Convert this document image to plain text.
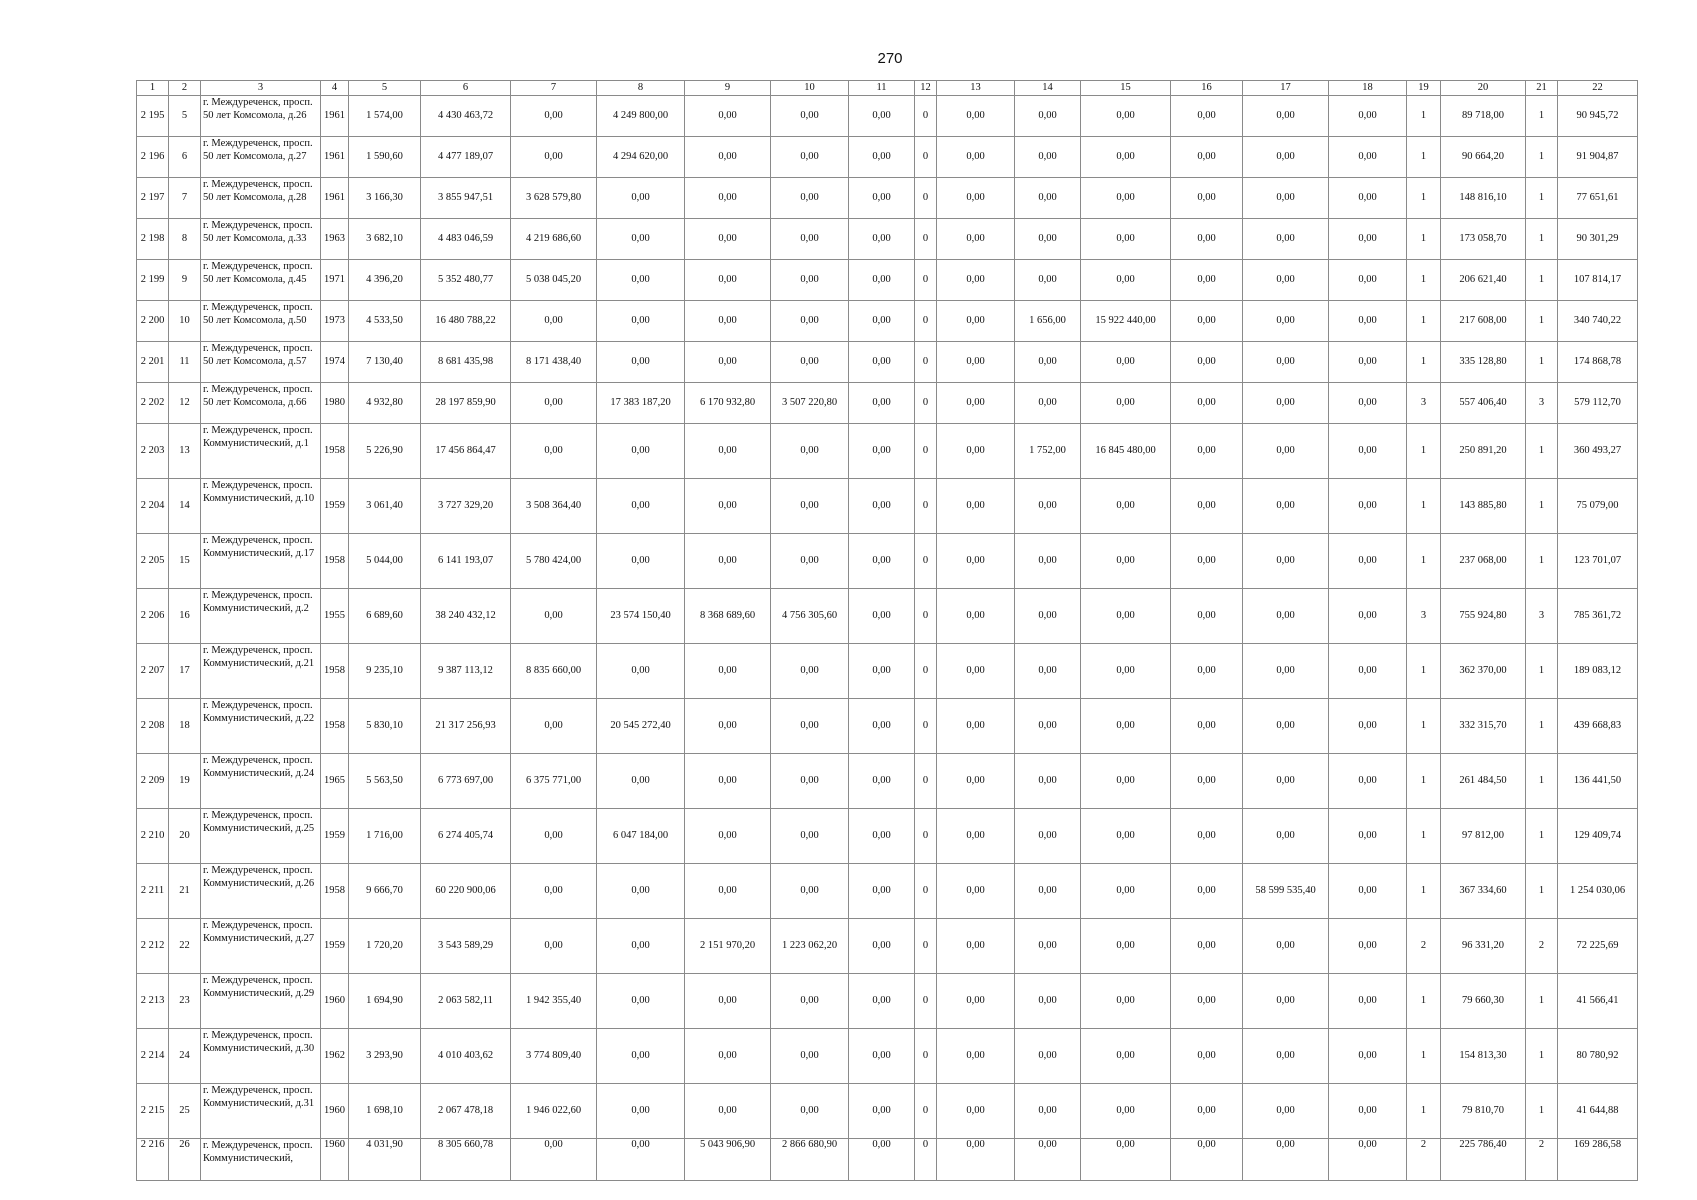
270
1	2	3	4	5	6	7	8	9	10	11	12	13	14	15	16	17	18	19	20	21	22
2 195	5	г. Междуреченск, просп. 50 лет Комсомола, д.26	1961	1 574,00	4 430 463,72	0,00	4 249 800,00	0,00	0,00	0,00	0	0,00	0,00	0,00	0,00	0,00	0,00	1	89 718,00	1	90 945,72
2 196	6	г. Междуреченск, просп. 50 лет Комсомола, д.27	1961	1 590,60	4 477 189,07	0,00	4 294 620,00	0,00	0,00	0,00	0	0,00	0,00	0,00	0,00	0,00	0,00	1	90 664,20	1	91 904,87
2 197	7	г. Междуреченск, просп. 50 лет Комсомола, д.28	1961	3 166,30	3 855 947,51	3 628 579,80	0,00	0,00	0,00	0,00	0	0,00	0,00	0,00	0,00	0,00	0,00	1	148 816,10	1	77 651,61
2 198	8	г. Междуреченск, просп. 50 лет Комсомола, д.33	1963	3 682,10	4 483 046,59	4 219 686,60	0,00	0,00	0,00	0,00	0	0,00	0,00	0,00	0,00	0,00	0,00	1	173 058,70	1	90 301,29
2 199	9	г. Междуреченск, просп. 50 лет Комсомола, д.45	1971	4 396,20	5 352 480,77	5 038 045,20	0,00	0,00	0,00	0,00	0	0,00	0,00	0,00	0,00	0,00	0,00	1	206 621,40	1	107 814,17
2 200	10	г. Междуреченск, просп. 50 лет Комсомола, д.50	1973	4 533,50	16 480 788,22	0,00	0,00	0,00	0,00	0,00	0	0,00	1 656,00	15 922 440,00	0,00	0,00	0,00	1	217 608,00	1	340 740,22
2 201	11	г. Междуреченск, просп. 50 лет Комсомола, д.57	1974	7 130,40	8 681 435,98	8 171 438,40	0,00	0,00	0,00	0,00	0	0,00	0,00	0,00	0,00	0,00	0,00	1	335 128,80	1	174 868,78
2 202	12	г. Междуреченск, просп. 50 лет Комсомола, д.66	1980	4 932,80	28 197 859,90	0,00	17 383 187,20	6 170 932,80	3 507 220,80	0,00	0	0,00	0,00	0,00	0,00	0,00	0,00	3	557 406,40	3	579 112,70
2 203	13	г. Междуреченск, просп. Коммунистический, д.1	1958	5 226,90	17 456 864,47	0,00	0,00	0,00	0,00	0,00	0	0,00	1 752,00	16 845 480,00	0,00	0,00	0,00	1	250 891,20	1	360 493,27
2 204	14	г. Междуреченск, просп. Коммунистический, д.10	1959	3 061,40	3 727 329,20	3 508 364,40	0,00	0,00	0,00	0,00	0	0,00	0,00	0,00	0,00	0,00	0,00	1	143 885,80	1	75 079,00
2 205	15	г. Междуреченск, просп. Коммунистический, д.17	1958	5 044,00	6 141 193,07	5 780 424,00	0,00	0,00	0,00	0,00	0	0,00	0,00	0,00	0,00	0,00	0,00	1	237 068,00	1	123 701,07
2 206	16	г. Междуреченск, просп. Коммунистический, д.2	1955	6 689,60	38 240 432,12	0,00	23 574 150,40	8 368 689,60	4 756 305,60	0,00	0	0,00	0,00	0,00	0,00	0,00	0,00	3	755 924,80	3	785 361,72
2 207	17	г. Междуреченск, просп. Коммунистический, д.21	1958	9 235,10	9 387 113,12	8 835 660,00	0,00	0,00	0,00	0,00	0	0,00	0,00	0,00	0,00	0,00	0,00	1	362 370,00	1	189 083,12
2 208	18	г. Междуреченск, просп. Коммунистический, д.22	1958	5 830,10	21 317 256,93	0,00	20 545 272,40	0,00	0,00	0,00	0	0,00	0,00	0,00	0,00	0,00	0,00	1	332 315,70	1	439 668,83
2 209	19	г. Междуреченск, просп. Коммунистический, д.24	1965	5 563,50	6 773 697,00	6 375 771,00	0,00	0,00	0,00	0,00	0	0,00	0,00	0,00	0,00	0,00	0,00	1	261 484,50	1	136 441,50
2 210	20	г. Междуреченск, просп. Коммунистический, д.25	1959	1 716,00	6 274 405,74	0,00	6 047 184,00	0,00	0,00	0,00	0	0,00	0,00	0,00	0,00	0,00	0,00	1	97 812,00	1	129 409,74
2 211	21	г. Междуреченск, просп. Коммунистический, д.26	1958	9 666,70	60 220 900,06	0,00	0,00	0,00	0,00	0,00	0	0,00	0,00	0,00	0,00	58 599 535,40	0,00	1	367 334,60	1	1 254 030,06
2 212	22	г. Междуреченск, просп. Коммунистический, д.27	1959	1 720,20	3 543 589,29	0,00	0,00	2 151 970,20	1 223 062,20	0,00	0	0,00	0,00	0,00	0,00	0,00	0,00	2	96 331,20	2	72 225,69
2 213	23	г. Междуреченск, просп. Коммунистический, д.29	1960	1 694,90	2 063 582,11	1 942 355,40	0,00	0,00	0,00	0,00	0	0,00	0,00	0,00	0,00	0,00	0,00	1	79 660,30	1	41 566,41
2 214	24	г. Междуреченск, просп. Коммунистический, д.30	1962	3 293,90	4 010 403,62	3 774 809,40	0,00	0,00	0,00	0,00	0	0,00	0,00	0,00	0,00	0,00	0,00	1	154 813,30	1	80 780,92
2 215	25	г. Междуреченск, просп. Коммунистический, д.31	1960	1 698,10	2 067 478,18	1 946 022,60	0,00	0,00	0,00	0,00	0	0,00	0,00	0,00	0,00	0,00	0,00	1	79 810,70	1	41 644,88
2 216	26	г. Междуреченск, просп. Коммунистический,	1960	4 031,90	8 305 660,78	0,00	0,00	5 043 906,90	2 866 680,90	0,00	0	0,00	0,00	0,00	0,00	0,00	0,00	2	225 786,40	2	169 286,58
